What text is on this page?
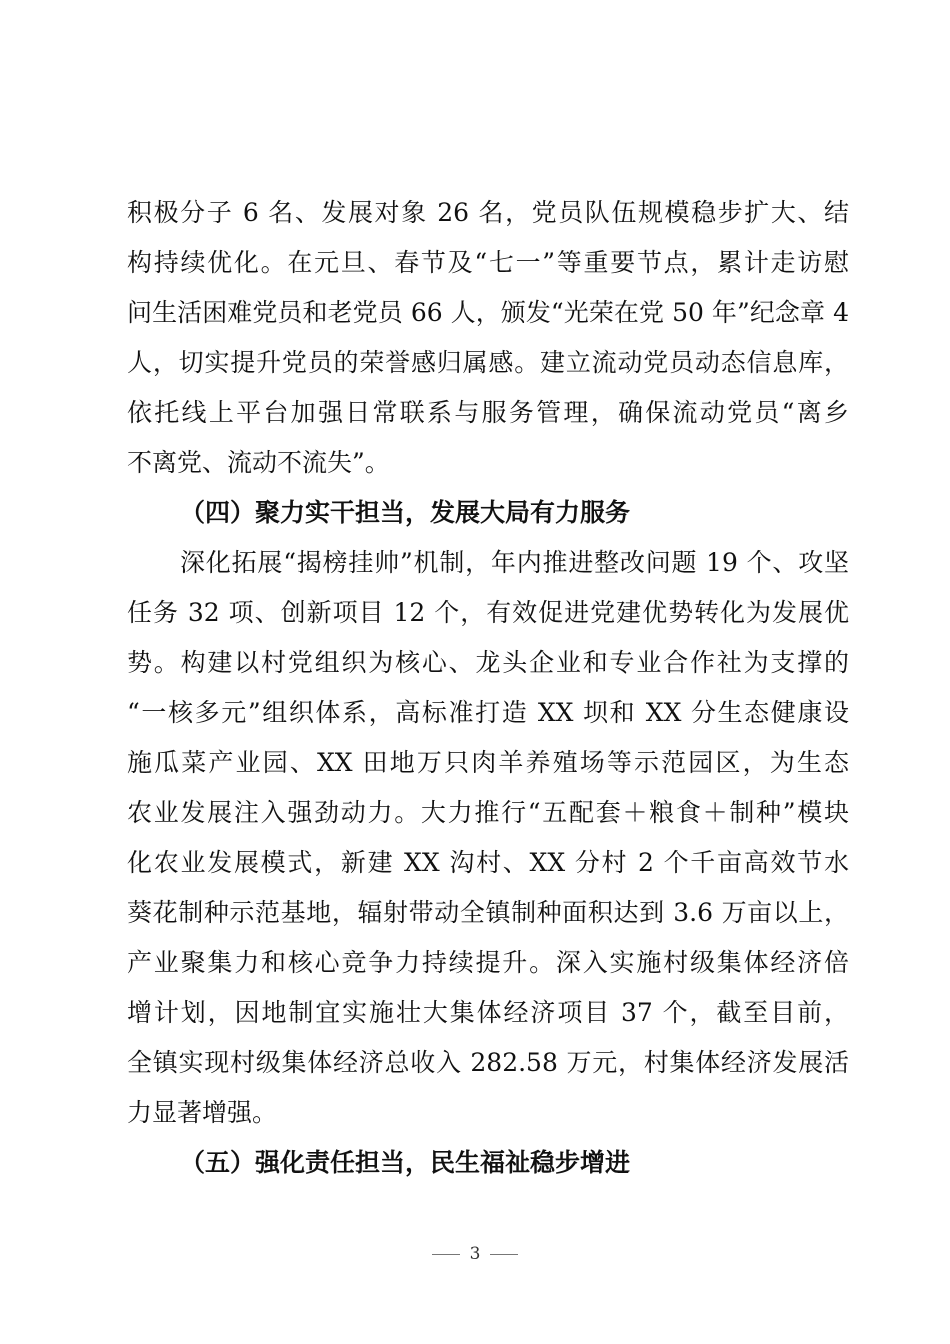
积极分子 6 名、发展对象 26 名，党员队伍规模稳步扩大、结
构持续优化。在元旦、春节及“七一”等重要节点，累计走访慰
问生活困难党员和老党员 66 人，颁发“光荣在党 50 年”纪念章 4
人，切实提升党员的荣誉感归属感。建立流动党员动态信息库，
依托线上平台加强日常联系与服务管理，确保流动党员“离乡
不离党、流动不流失”。
（四）聚力实干担当，发展大局有力服务
深化拓展“揭榜挂帅”机制，年内推进整改问题 19 个、攻坚
任务 32 项、创新项目 12 个，有效促进党建优势转化为发展优
势。构建以村党组织为核心、龙头企业和专业合作社为支撑的
“一核多元”组织体系，高标准打造 XX 坝和 XX 分生态健康设
施瓜菜产业园、XX 田地万只肉羊养殖场等示范园区，为生态
农业发展注入强劲动力。大力推行“五配套＋粮食＋制种”模块
化农业发展模式，新建 XX 沟村、XX 分村 2 个千亩高效节水
葵花制种示范基地，辐射带动全镇制种面积达到 3.6 万亩以上，
产业聚集力和核心竞争力持续提升。深入实施村级集体经济倍
增计划，因地制宜实施壮大集体经济项目 37 个，截至目前，
全镇实现村级集体经济总收入 282.58 万元，村集体经济发展活
力显著增强。
（五）强化责任担当，民生福祉稳步增进
3
